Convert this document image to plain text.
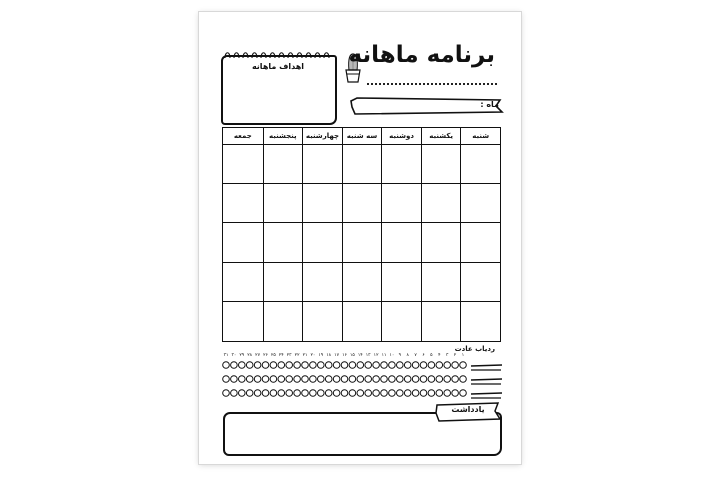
برنامه ماهانه
اهداف ماهانه
ماه :
شنبه
یکشنبه
دوشنبه
سه شنبه
چهارشنبه
پنجشنبه
جمعه
ردیاب عادت
۱
۲
۳
۴
۵
۶
۷
۸
۹
۱۰
۱۱
۱۲
۱۳
۱۴
۱۵
۱۶
۱۷
۱۸
۱۹
۲۰
۲۱
۲۲
۲۳
۲۴
۲۵
۲۶
۲۷
۲۸
۲۹
۳۰
۳۱
یادداشت
